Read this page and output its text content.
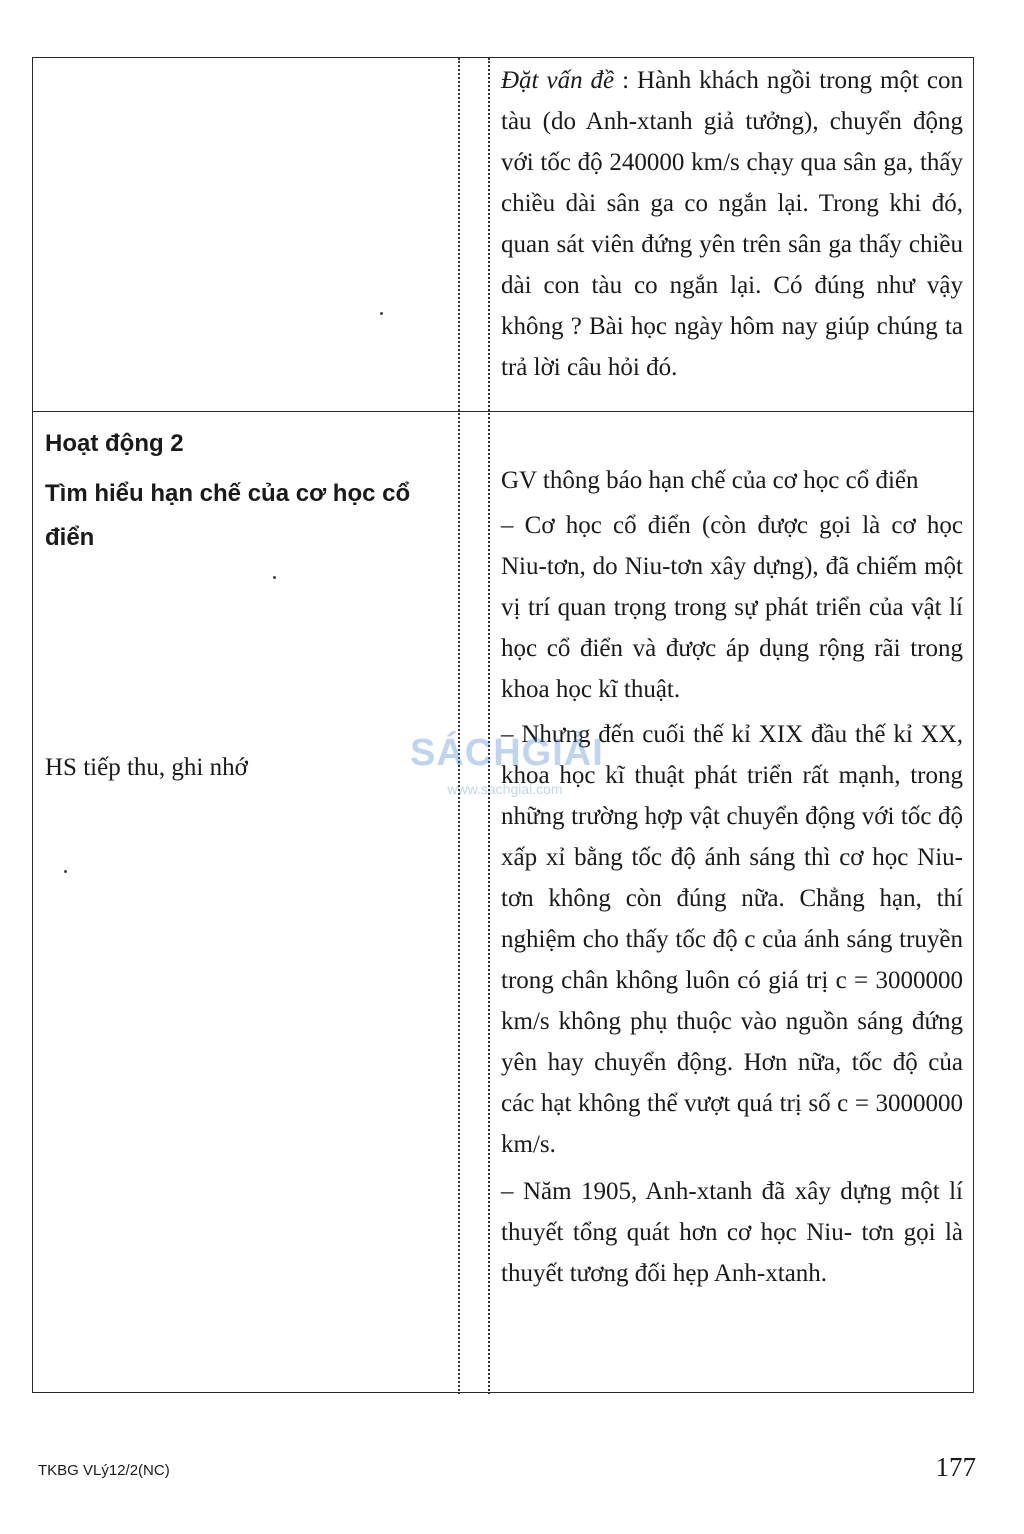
Đặt vấn đề : Hành khách ngồi trong một con tàu (do Anh-xtanh giả tưởng), chuyển động với tốc độ 240000 km/s chạy qua sân ga, thấy chiều dài sân ga co ngắn lại. Trong khi đó, quan sát viên đứng yên trên sân ga thấy chiều dài con tàu co ngắn lại. Có đúng như vậy không ? Bài học ngày hôm nay giúp chúng ta trả lời câu hỏi đó.

Hoạt động 2
Tìm hiểu hạn chế của cơ học cổ điển
HS tiếp thu, ghi nhớ

GV thông báo hạn chế của cơ học cổ điển

– Cơ học cổ điển (còn được gọi là cơ học Niu-tơn, do Niu-tơn xây dựng), đã chiếm một vị trí quan trọng trong sự phát triển của vật lí học cổ điển và được áp dụng rộng rãi trong khoa học kĩ thuật.

– Nhưng đến cuối thế kỉ XIX đầu thế kỉ XX, khoa học kĩ thuật phát triển rất mạnh, trong những trường hợp vật chuyển động với tốc độ xấp xỉ bằng tốc độ ánh sáng thì cơ học Niu-tơn không còn đúng nữa. Chẳng hạn, thí nghiệm cho thấy tốc độ c của ánh sáng truyền trong chân không luôn có giá trị c = 3000000 km/s không phụ thuộc vào nguồn sáng đứng yên hay chuyển động. Hơn nữa, tốc độ của các hạt không thể vượt quá trị số c = 3000000 km/s.

– Năm 1905, Anh-xtanh đã xây dựng một lí thuyết tổng quát hơn cơ học Niu- tơn gọi là thuyết tương đối hẹp Anh-xtanh.

SÁCHGIẢI
www.sachgiai.com
TKBG VLý12/2(NC)	177
